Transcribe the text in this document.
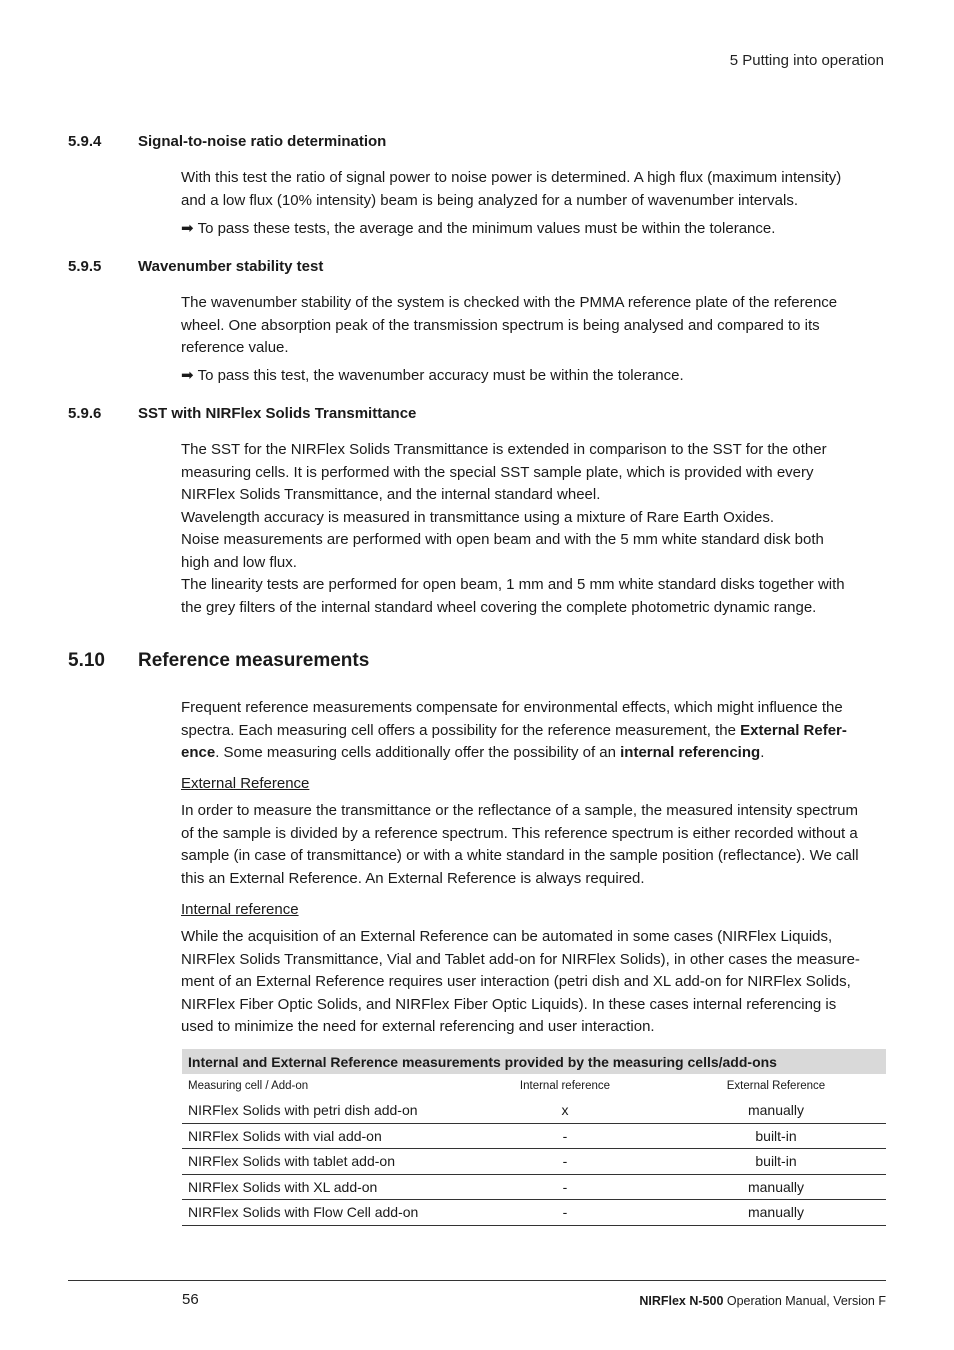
5 Putting into operation
5.9.4 Signal-to-noise ratio determination

With this test the ratio of signal power to noise power is determined. A high flux (maximum intensity)
and a low flux (10% intensity) beam is being analyzed for a number of wavenumber intervals.

➡ To pass these tests, the average and the minimum values must be within the tolerance.
5.9.5 Wavenumber stability test

The wavenumber stability of the system is checked with the PMMA reference plate of the reference
wheel. One absorption peak of the transmission spectrum is being analysed and compared to its
reference value.

➡ To pass this test, the wavenumber accuracy must be within the tolerance.
5.9.6 SST with NIRFlex Solids Transmittance

The SST for the NIRFlex Solids Transmittance is extended in comparison to the SST for the other
measuring cells. It is performed with the special SST sample plate, which is provided with every
NIRFlex Solids Transmittance, and the internal standard wheel.
Wavelength accuracy is measured in transmittance using a mixture of Rare Earth Oxides.
Noise measurements are performed with open beam and with the 5 mm white standard disk both
high and low flux.
The linearity tests are performed for open beam, 1 mm and 5 mm white standard disks together with
the grey filters of the internal standard wheel covering the complete photometric dynamic range.

5.10 Reference measurements

Frequent reference measurements compensate for environmental effects, which might influence the
spectra. Each measuring cell offers a possibility for the reference measurement, the External Refer-
ence. Some measuring cells additionally offer the possibility of an internal referencing.

External Reference

In order to measure the transmittance or the reflectance of a sample, the measured intensity spectrum
of the sample is divided by a reference spectrum. This reference spectrum is either recorded without a
sample (in case of transmittance) or with a white standard in the sample position (reflectance). We call
this an External Reference. An External Reference is always required.

Internal reference

While the acquisition of an External Reference can be automated in some cases (NIRFlex Liquids,
NIRFlex Solids Transmittance, Vial and Tablet add-on for NIRFlex Solids), in other cases the measure-
ment of an External Reference requires user interaction (petri dish and XL add-on for NIRFlex Solids,
NIRFlex Fiber Optic Solids, and NIRFlex Fiber Optic Liquids). In these cases internal referencing is
used to minimize the need for external referencing and user interaction.

Internal and External Reference measurements provided by the measuring cells/add-ons		
Measuring cell / Add-on	Internal reference	External Reference
NIRFlex Solids with petri dish add-on	x	manually
NIRFlex Solids with vial add-on	-	built-in
NIRFlex Solids with tablet add-on	-	built-in
NIRFlex Solids with XL add-on	-	manually
NIRFlex Solids with Flow Cell add-on	-	manually
56	NIRFlex N-500 Operation Manual, Version F
